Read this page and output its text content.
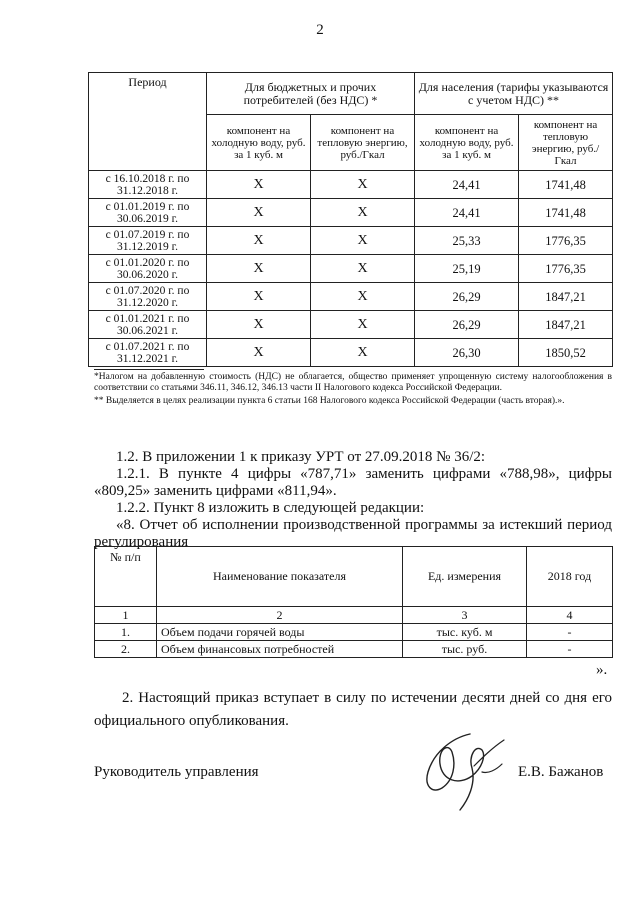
2
Период	Для бюджетных и прочих потребителей (без НДС) *		Для населения (тарифы указываются с учетом НДС) **	
	компонент на холодную воду, руб. за 1 куб. м	компонент на тепловую энергию, руб./Гкал	компонент на холодную воду, руб. за 1 куб. м	компонент на тепловую энергию, руб./Гкал
с 16.10.2018 г. по 31.12.2018 г.	Х	Х	24,41	1741,48
с 01.01.2019 г. по 30.06.2019 г.	Х	Х	24,41	1741,48
с 01.07.2019 г. по 31.12.2019 г.	Х	Х	25,33	1776,35
с 01.01.2020 г. по 30.06.2020 г.	Х	Х	25,19	1776,35
с 01.07.2020 г. по 31.12.2020 г.	Х	Х	26,29	1847,21
с 01.01.2021 г. по 30.06.2021 г.	Х	Х	26,29	1847,21
с 01.07.2021 г. по 31.12.2021 г.	Х	Х	26,30	1850,52

*Налогом на добавленную стоимость (НДС) не облагается, общество применяет упрощенную систему налогообложения в соответствии со статьями 346.11, 346.12, 346.13 части II Налогового кодекса Российской Федерации.

** Выделяется в целях реализации пункта 6 статьи 168 Налогового кодекса Российской Федерации (часть вторая).».

1.2. В приложении 1 к приказу УРТ от 27.09.2018 № 36/2:
1.2.1. В пункте 4 цифры «787,71» заменить цифрами «788,98», цифры «809,25» заменить цифрами «811,94».
1.2.2. Пункт 8 изложить в следующей редакции:
«8. Отчет об исполнении производственной программы за истекший период регулирования
№ п/п	Наименование показателя	Ед. измерения	2018 год
1	2	3	4
1.	Объем подачи горячей воды	тыс. куб. м	-
2.	Объем финансовых потребностей	тыс. руб.	-
».
2. Настоящий приказ вступает в силу по истечении десяти дней со дня его официального опубликования.
Руководитель управления	Е.В. Бажанов
